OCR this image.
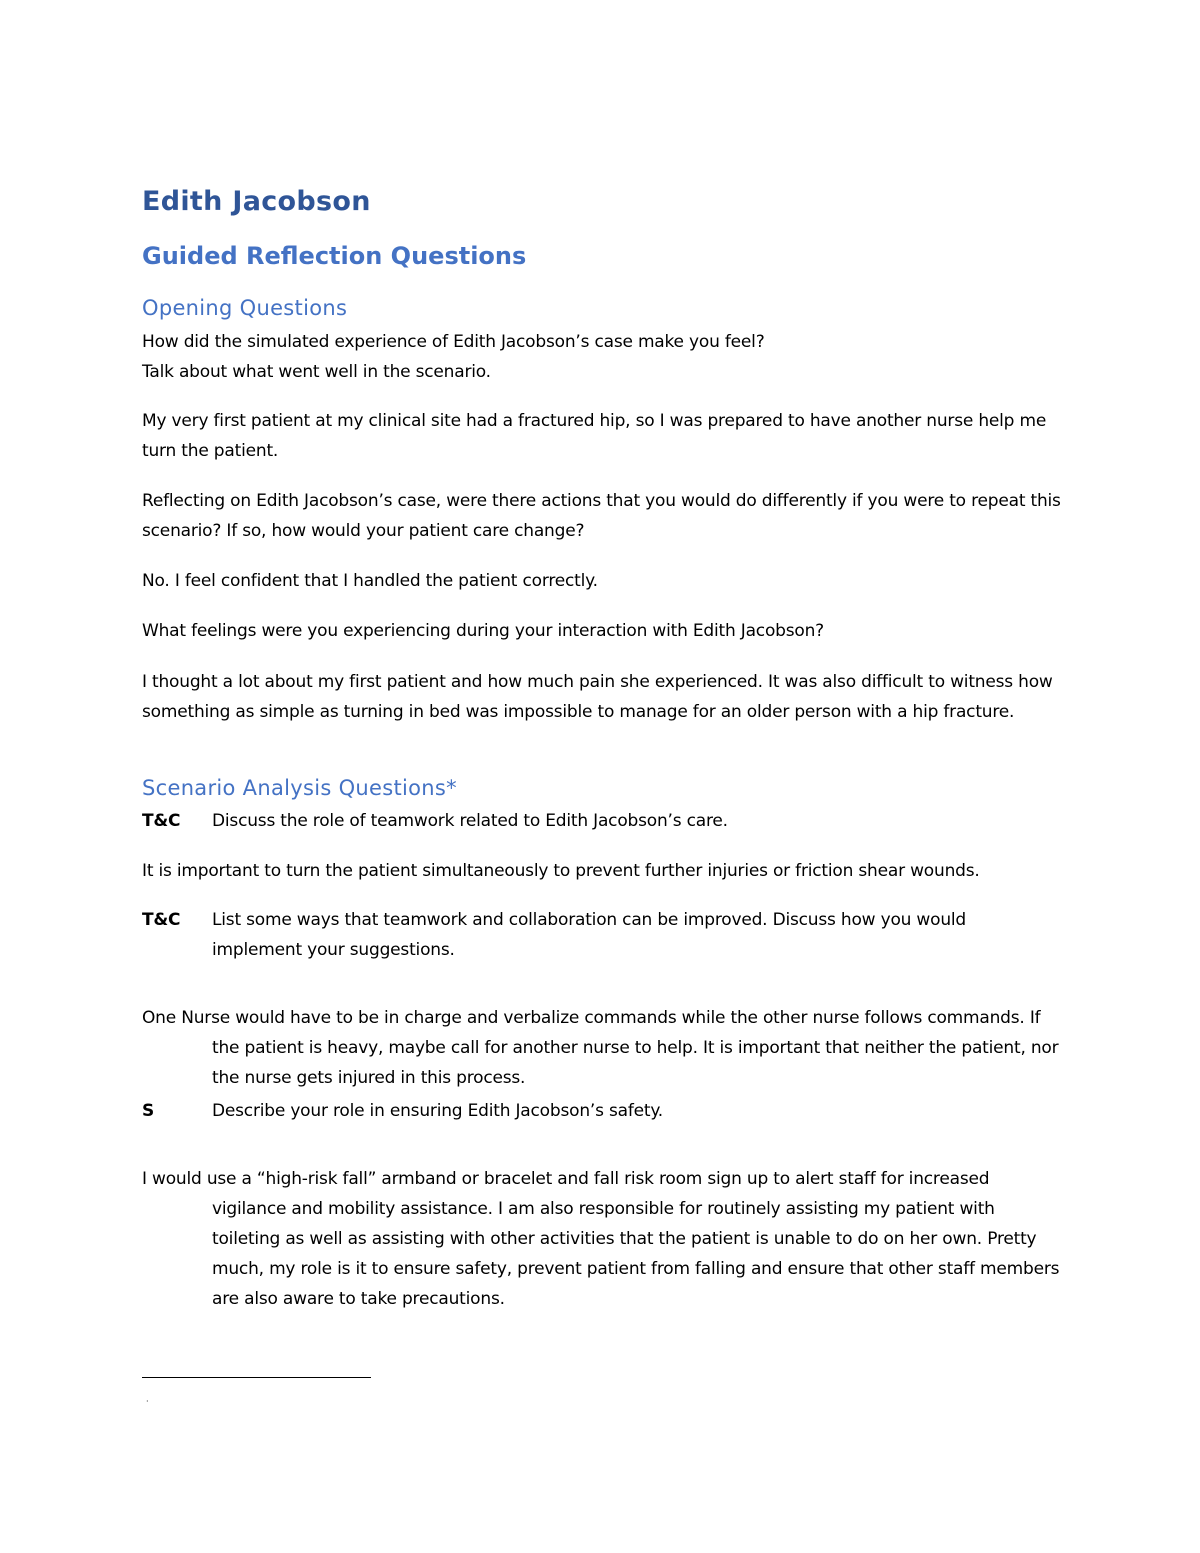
Edith Jacobson
Guided Reflection Questions
Opening Questions

How did the simulated experience of Edith Jacobson’s case make you feel?

Talk about what went well in the scenario.

My very first patient at my clinical site had a fractured hip, so I was prepared to have another nurse help me turn the patient.

Reflecting on Edith Jacobson’s case, were there actions that you would do differently if you were to repeat this scenario? If so, how would your patient care change?

No. I feel confident that I handled the patient correctly.

What feelings were you experiencing during your interaction with Edith Jacobson?

I thought a lot about my first patient and how much pain she experienced. It was also difficult to witness how something as simple as turning in bed was impossible to manage for an older person with a hip fracture.

Scenario Analysis Questions*
T&C Discuss the role of teamwork related to Edith Jacobson’s care.

It is important to turn the patient simultaneously to prevent further injuries or friction shear wounds.

T&C List some ways that teamwork and collaboration can be improved. Discuss how you would implement your suggestions.

One Nurse would have to be in charge and verbalize commands while the other nurse follows commands. If the patient is heavy, maybe call for another nurse to help. It is important that neither the patient, nor the nurse gets injured in this process.

S	Describe your role in ensuring Edith Jacobson’s safety.

I would use a “high-risk fall” armband or bracelet and fall risk room sign up to alert staff for increased vigilance and mobility assistance. I am also responsible for routinely assisting my patient with toileting as well as assisting with other activities that the patient is unable to do on her own. Pretty much, my role is it to ensure safety, prevent patient from falling and ensure that other staff members are also aware to take precautions.

·
